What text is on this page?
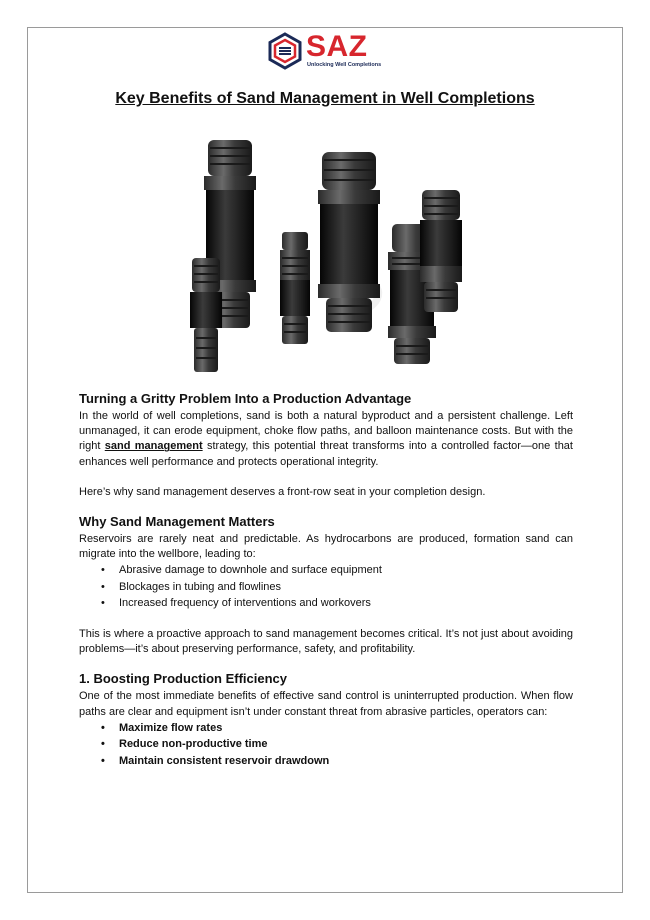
SAZ
Unlocking Well Completions
Key Benefits of Sand Management in Well Completions
Turning a Gritty Problem Into a Production Advantage

In the world of well completions, sand is both a natural byproduct and a persistent challenge. Left unmanaged, it can erode equipment, choke flow paths, and balloon maintenance costs. But with the right sand management strategy, this potential threat transforms into a controlled factor—one that enhances well performance and protects operational integrity.

Here’s why sand management deserves a front-row seat in your completion design.

Why Sand Management Matters

Reservoirs are rarely neat and predictable. As hydrocarbons are produced, formation sand can migrate into the wellbore, leading to:

• Abrasive damage to downhole and surface equipment
• Blockages in tubing and flowlines
• Increased frequency of interventions and workovers

This is where a proactive approach to sand management becomes critical. It’s not just about avoiding problems—it’s about preserving performance, safety, and profitability.

1. Boosting Production Efficiency

One of the most immediate benefits of effective sand control is uninterrupted production. When flow paths are clear and equipment isn’t under constant threat from abrasive particles, operators can:

• Maximize flow rates
• Reduce non-productive time
• Maintain consistent reservoir drawdown
